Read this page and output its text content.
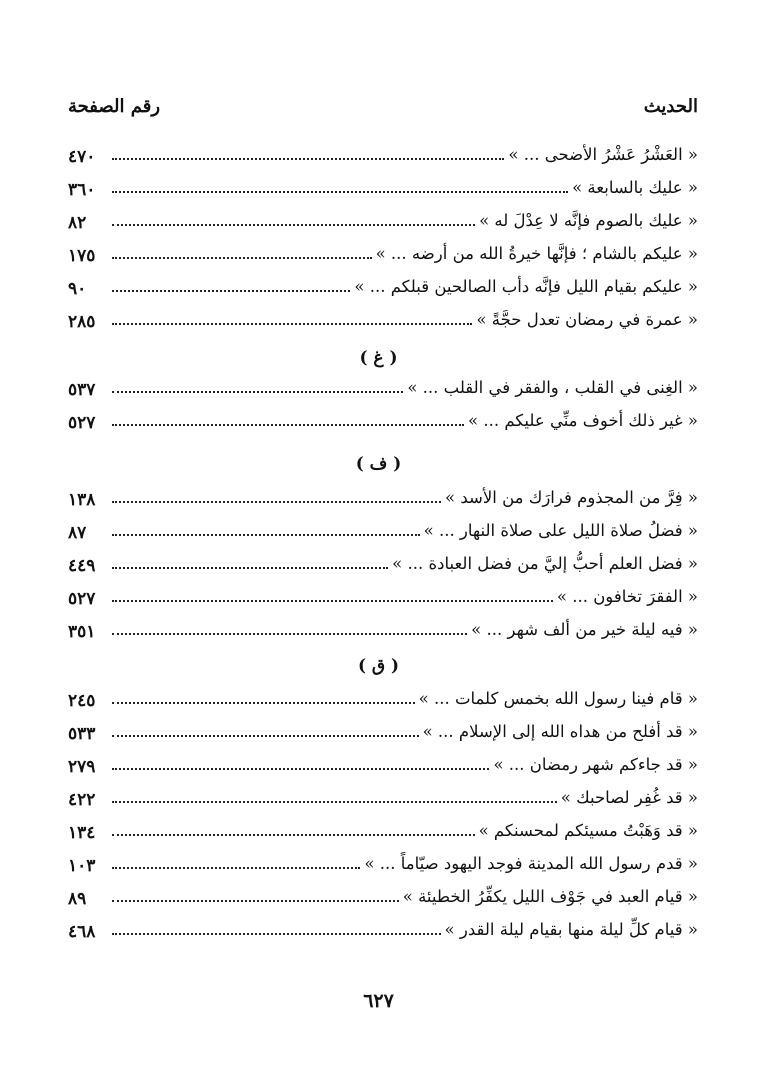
الحديث
رقم الصفحة
« العَشْرُ عَشْرُ الأضحى ... »
٤٧٠
« عليك بالسابعة »
٣٦٠
« عليك بالصوم فإنَّه لا عِدْلَ له »
٨٢
« عليكم بالشام ؛ فإنَّها خيرةُ الله من أرضه ... »
١٧٥
« عليكم بقيام الليل فإنَّه دأب الصالحين قبلكم ... »
٩٠
« عمرة في رمضان تعدل حجَّةً »
٢٨٥
( غ )
« الغِنى في القلب ، والفقر في القلب ... »
٥٣٧
« غير ذلك أخوف منِّي عليكم ... »
٥٢٧
( ف )
« فِرَّ من المجذوم فرارَك من الأسد »
١٣٨
« فضلُ صلاة الليل على صلاة النهار ... »
٨٧
« فضل العلم أحبُّ إليَّ من فضل العبادة ... »
٤٤٩
« الفقرَ تخافون ... »
٥٢٧
« فيه ليلة خير من ألف شهر ... »
٣٥١
( ق )
« قام فينا رسول الله بخمس كلمات ... »
٢٤٥
« قد أفلح من هداه الله إلى الإسلام ... »
٥٣٣
« قد جاءكم شهر رمضان ... »
٢٧٩
« قد غُفِر لصاحبك »
٤٢٢
« قد وَهَبْتُ مسيئكم لمحسنكم »
١٣٤
« قدم رسول الله المدينة فوجد اليهود صيّاماً ... »
١٠٣
« قيام العبد في جَوْف الليل يكفِّرُ الخطيئة »
٨٩
« قيام كلِّ ليلة منها بقيام ليلة القدر »
٤٦٨
٦٢٧
